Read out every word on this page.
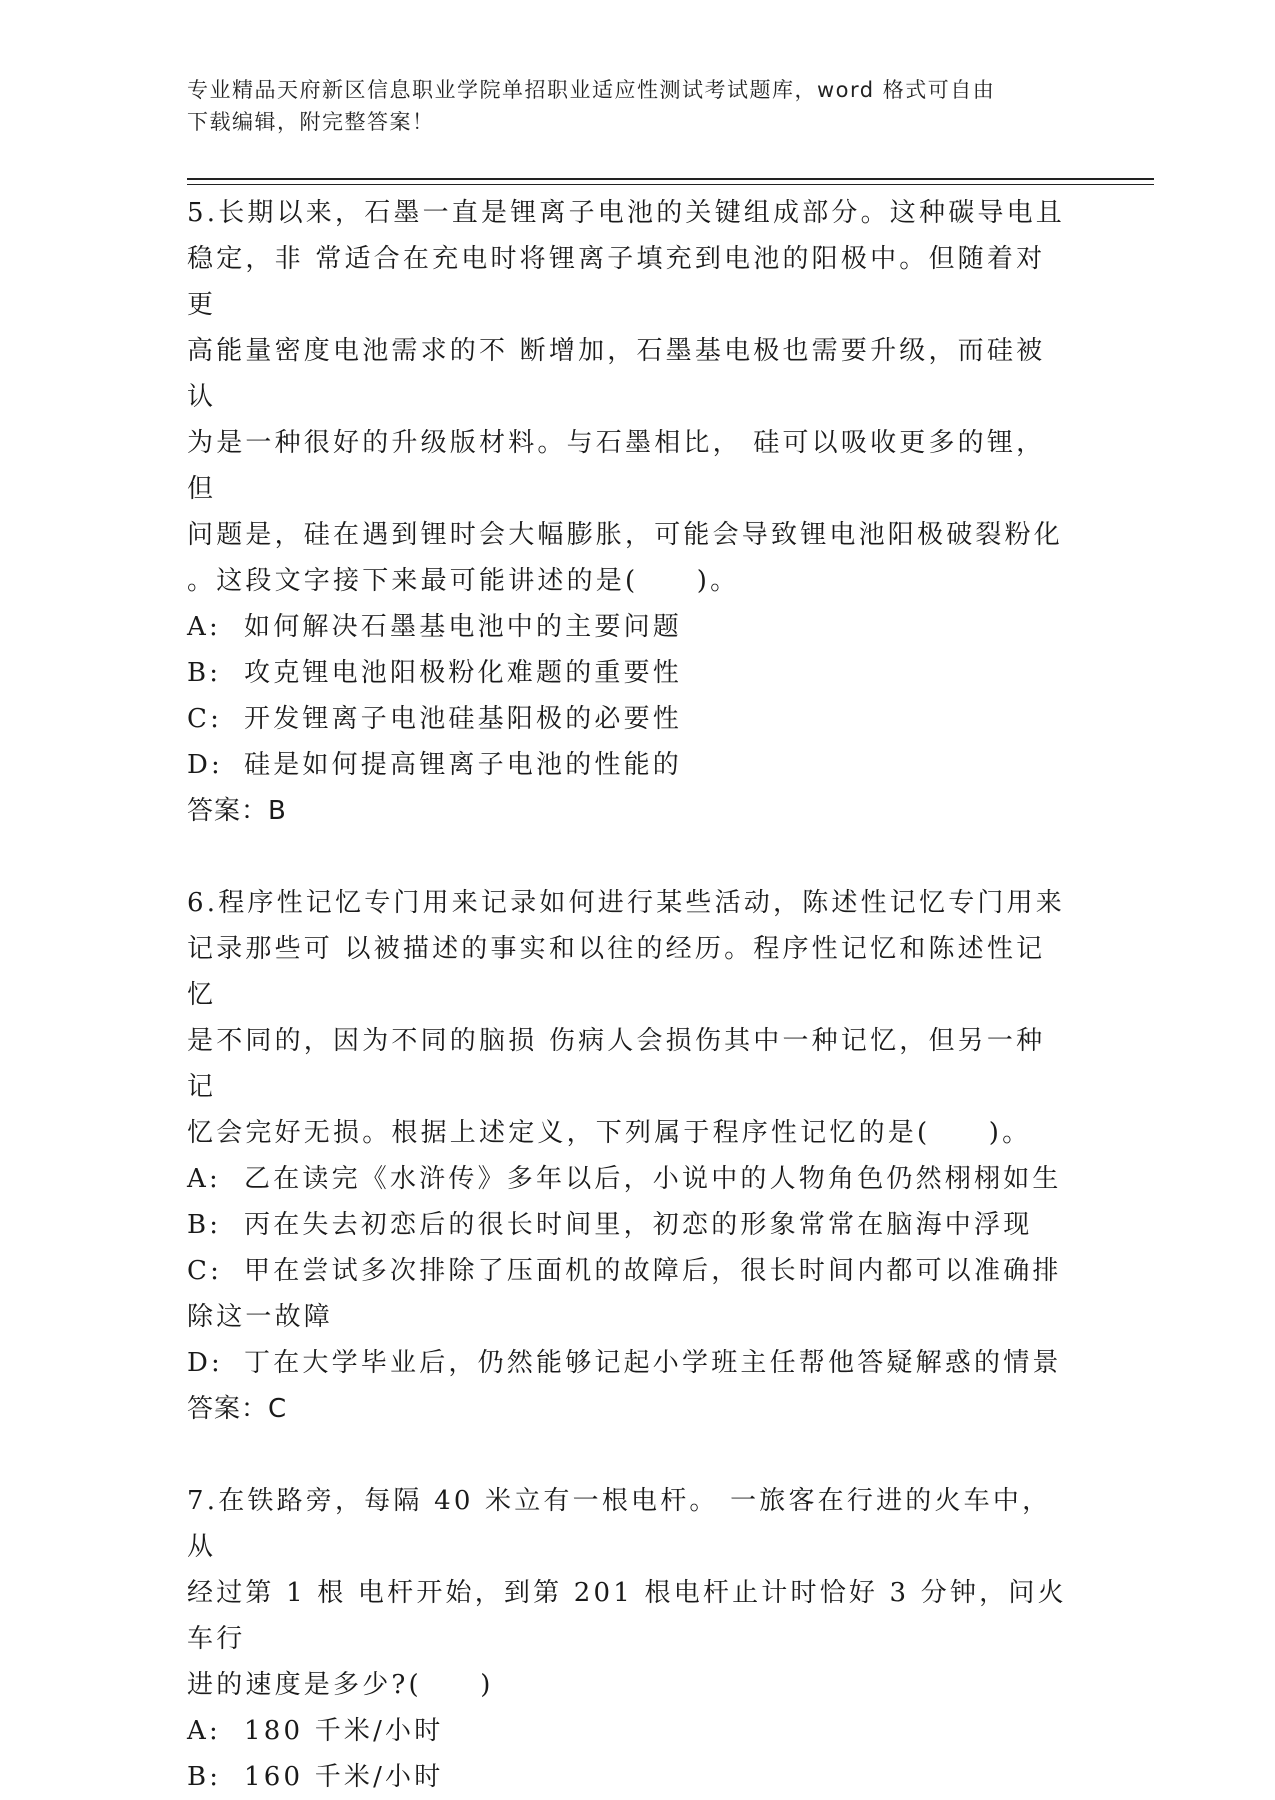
专业精品天府新区信息职业学院单招职业适应性测试考试题库，word 格式可自由
下载编辑，附完整答案！

5.长期以来，石墨一直是锂离子电池的关键组成部分。这种碳导电且

稳定，非 常适合在充电时将锂离子填充到电池的阳极中。但随着对更

高能量密度电池需求的不 断增加，石墨基电极也需要升级，而硅被认

为是一种很好的升级版材料。与石墨相比， 硅可以吸收更多的锂，但

问题是，硅在遇到锂时会大幅膨胀，可能会导致锂电池阳极破裂粉化

。这段文字接下来最可能讲述的是(　　)。

A: 如何解决石墨基电池中的主要问题

B: 攻克锂电池阳极粉化难题的重要性

C: 开发锂离子电池硅基阳极的必要性

D: 硅是如何提高锂离子电池的性能的

答案：B

6.程序性记忆专门用来记录如何进行某些活动，陈述性记忆专门用来

记录那些可 以被描述的事实和以往的经历。程序性记忆和陈述性记忆

是不同的，因为不同的脑损 伤病人会损伤其中一种记忆，但另一种记

忆会完好无损。根据上述定义，下列属于程序性记忆的是(　　)。

A: 乙在读完《水浒传》多年以后，小说中的人物角色仍然栩栩如生

B: 丙在失去初恋后的很长时间里，初恋的形象常常在脑海中浮现

C: 甲在尝试多次排除了压面机的故障后，很长时间内都可以准确排

除这一故障

D: 丁在大学毕业后，仍然能够记起小学班主任帮他答疑解惑的情景

答案：C

7.在铁路旁，每隔 40 米立有一根电杆。 一旅客在行进的火车中，从

经过第 1 根 电杆开始，到第 201 根电杆止计时恰好 3 分钟，问火车行

进的速度是多少?(　　)

A: 180 千米/小时

B: 160 千米/小时
